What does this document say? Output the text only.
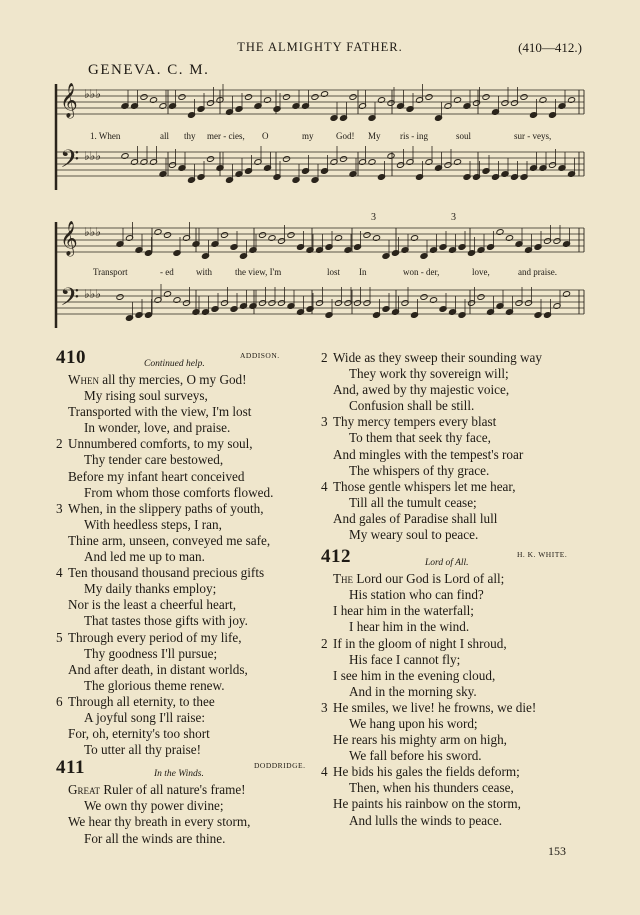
THE ALMIGHTY FATHER.	(410—412.)
GENEVA. C. M.
𝄞 ♭♭♭
𝄢 ♭♭♭
𝄞 ♭♭♭
𝄢 ♭♭♭
1. When	all thy mer - cies, O	my God! My ris - ing	soul	sur - veys,
Transport	- ed with	the view, I'm	lost In	won - der,	love,	and praise.
3	3
410	Continued help.
ADDISON.
When all thy mercies, O my God!
My rising soul surveys,
Transported with the view, I'm lost
In wonder, love, and praise.
2 Unnumbered comforts, to my soul,
Thy tender care bestowed,
Before my infant heart conceived
From whom those comforts flowed.
3 When, in the slippery paths of youth,
With heedless steps, I ran,
Thine arm, unseen, conveyed me safe,
And led me up to man.
4 Ten thousand thousand precious gifts
My daily thanks employ;
Nor is the least a cheerful heart,
That tastes those gifts with joy.
5 Through every period of my life,
Thy goodness I'll pursue;
And after death, in distant worlds,
The glorious theme renew.
6 Through all eternity, to thee
A joyful song I'll raise:
For, oh, eternity's too short
To utter all thy praise!
411	In the Winds.
DODDRIDGE.
Great Ruler of all nature's frame!
We own thy power divine;
We hear thy breath in every storm,
For all the winds are thine.
2 Wide as they sweep their sounding way
They work thy sovereign will;
And, awed by thy majestic voice,
Confusion shall be still.
3 Thy mercy tempers every blast
To them that seek thy face,
And mingles with the tempest's roar
The whispers of thy grace.
4 Those gentle whispers let me hear,
Till all the tumult cease;
And gales of Paradise shall lull
My weary soul to peace.
412	Lord of All.
H. K. WHITE.
The Lord our God is Lord of all;
His station who can find?
I hear him in the waterfall;
I hear him in the wind.
2 If in the gloom of night I shroud,
His face I cannot fly;
I see him in the evening cloud,
And in the morning sky.
3 He smiles, we live! he frowns, we die!
We hang upon his word;
He rears his mighty arm on high,
We fall before his sword.
4 He bids his gales the fields deform;
Then, when his thunders cease,
He paints his rainbow on the storm,
And lulls the winds to peace.
153
